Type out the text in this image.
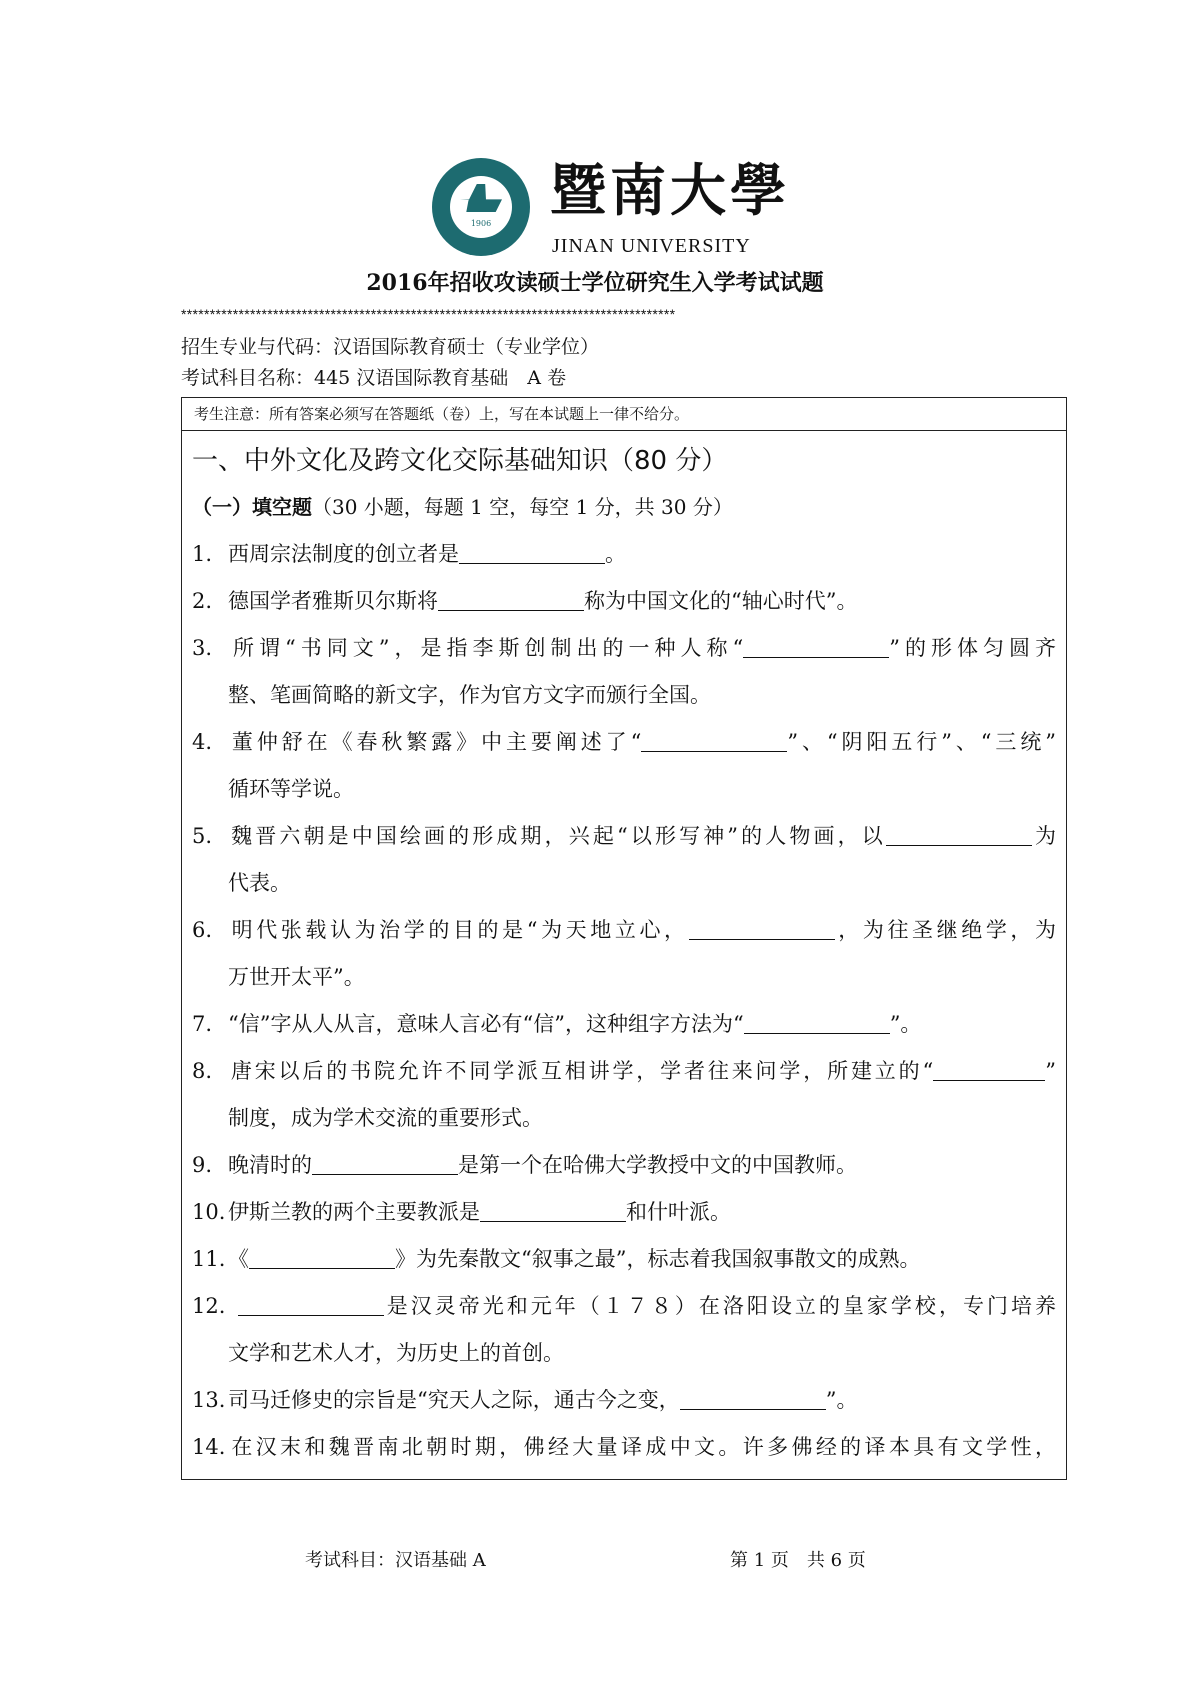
1906	暨南大學
JINAN UNIVERSITY
2016年招收攻读硕士学位研究生入学考试试题
**************************************************************************************
招生专业与代码：汉语国际教育硕士（专业学位）
考试科目名称：445 汉语国际教育基础　A 卷
考生注意：所有答案必须写在答题纸（卷）上，写在本试题上一律不给分。
一、中外文化及跨文化交际基础知识（80 分）
（一）填空题（30 小题，每题 1 空，每空 1 分，共 30 分）
1. 西周宗法制度的创立者是	。
2. 德国学者雅斯贝尔斯将	称为中国文化的“轴心时代”。
3. 所谓“书同文”，是指李斯创制出的一种人称“	”的形体匀圆齐
整、笔画简略的新文字，作为官方文字而颁行全国。
4. 董仲舒在《春秋繁露》中主要阐述了“	”、“阴阳五行”、“三统”
循环等学说。
5. 魏晋六朝是中国绘画的形成期，兴起“以形写神”的人物画，以	为
代表。
6. 明代张载认为治学的目的是“为天地立心，	，为往圣继绝学，为
万世开太平”。
7. “信”字从人从言，意味人言必有“信”，这种组字方法为“	”。
8. 唐宋以后的书院允许不同学派互相讲学，学者往来问学，所建立的“	”
制度，成为学术交流的重要形式。
9. 晚清时的	是第一个在哈佛大学教授中文的中国教师。
10. 伊斯兰教的两个主要教派是	和什叶派。
11. 《	》为先秦散文“叙事之最”，标志着我国叙事散文的成熟。
12.	是汉灵帝光和元年（１７８）在洛阳设立的皇家学校，专门培养
文学和艺术人才，为历史上的首创。
13. 司马迁修史的宗旨是“究天人之际，通古今之变，	”。
14. 在汉末和魏晋南北朝时期，佛经大量译成中文。许多佛经的译本具有文学性，
考试科目：汉语基础 A	第 1 页　共 6 页
